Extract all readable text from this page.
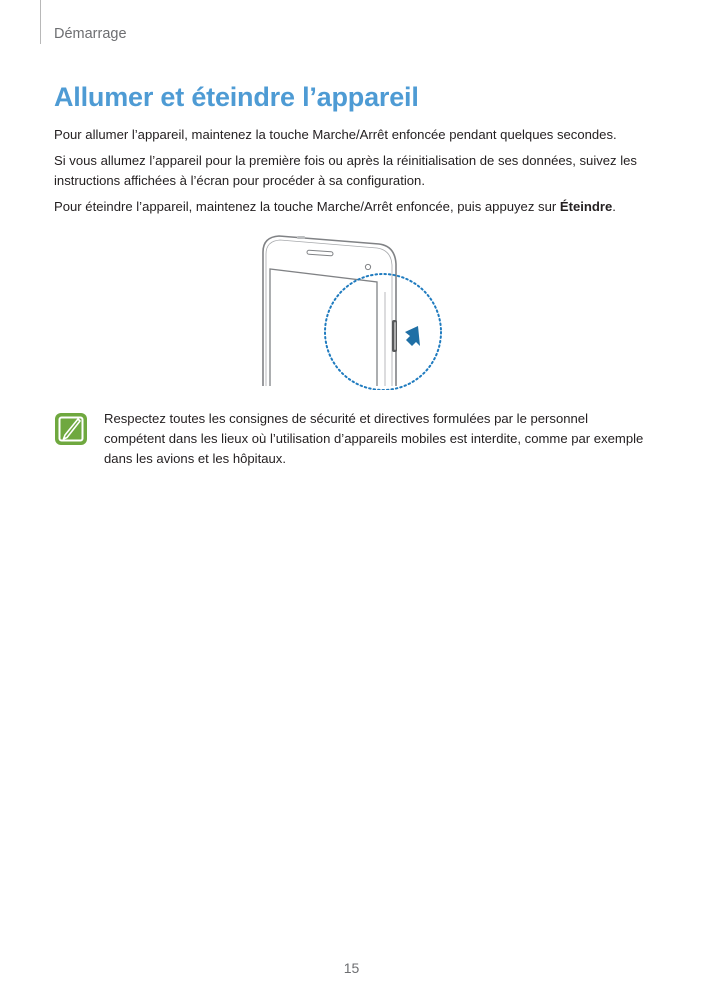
Démarrage
Allumer et éteindre l’appareil

Pour allumer l’appareil, maintenez la touche Marche/Arrêt enfoncée pendant quelques secondes.

Si vous allumez l’appareil pour la première fois ou après la réinitialisation de ses données, suivez les instructions affichées à l’écran pour procéder à sa configuration.

Pour éteindre l’appareil, maintenez la touche Marche/Arrêt enfoncée, puis appuyez sur Éteindre.

Respectez toutes les consignes de sécurité et directives formulées par le personnel compétent dans les lieux où l’utilisation d’appareils mobiles est interdite, comme par exemple dans les avions et les hôpitaux.

15
